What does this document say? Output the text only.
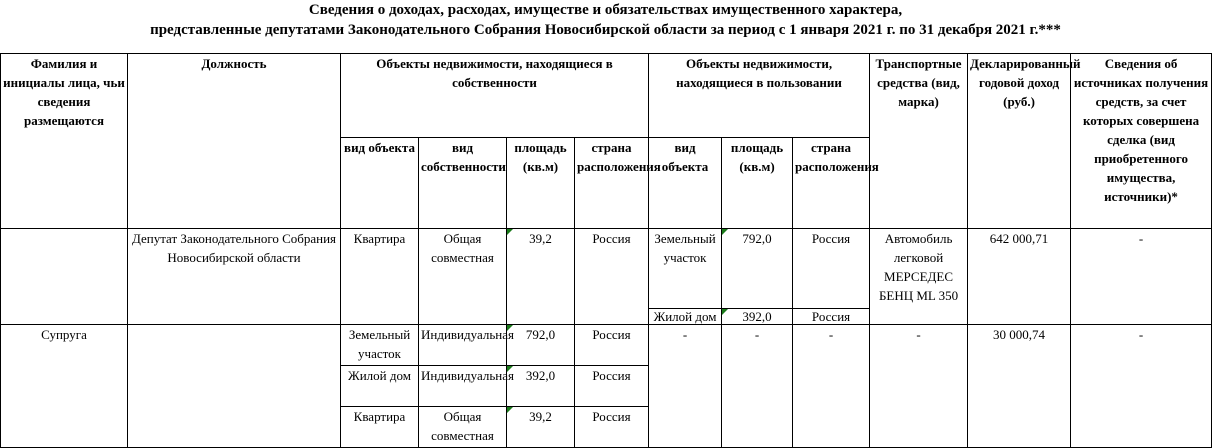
Сведения о доходах, расходах, имуществе и обязательствах имущественного характера,
представленные депутатами Законодательного Собрания Новосибирской области за период с 1 января 2021 г. по 31 декабря 2021 г.***
Фамилия и инициалы лица, чьи сведения размещаются	Должность	Объекты недвижимости, находящиеся в собственности				Объекты недвижимости, находящиеся в пользовании			Транспортные средства (вид, марка)	Декларированный годовой доход (руб.)	Сведения об источниках получения средств, за счет которых совершена сделка (вид приобретенного имущества, источники)*
		вид объекта	вид собственности	площадь (кв.м)	страна расположения	вид объекта	площадь (кв.м)	страна расположения			
	Депутат Законодательного Собрания Новосибирской области	Квартира	Общая совместная	39,2	Россия	Земельный участок	792,0	Россия	Автомобиль легковой МЕРСЕДЕС БЕНЦ ML 350	642 000,71	-
						Жилой дом	392,0	Россия			
Супруга		Земельный участок	Индивидуальная	792,0	Россия	-	-	-	-	30 000,74	-
		Жилой дом	Индивидуальная	392,0	Россия						
		Квартира	Общая совместная	39,2	Россия						
